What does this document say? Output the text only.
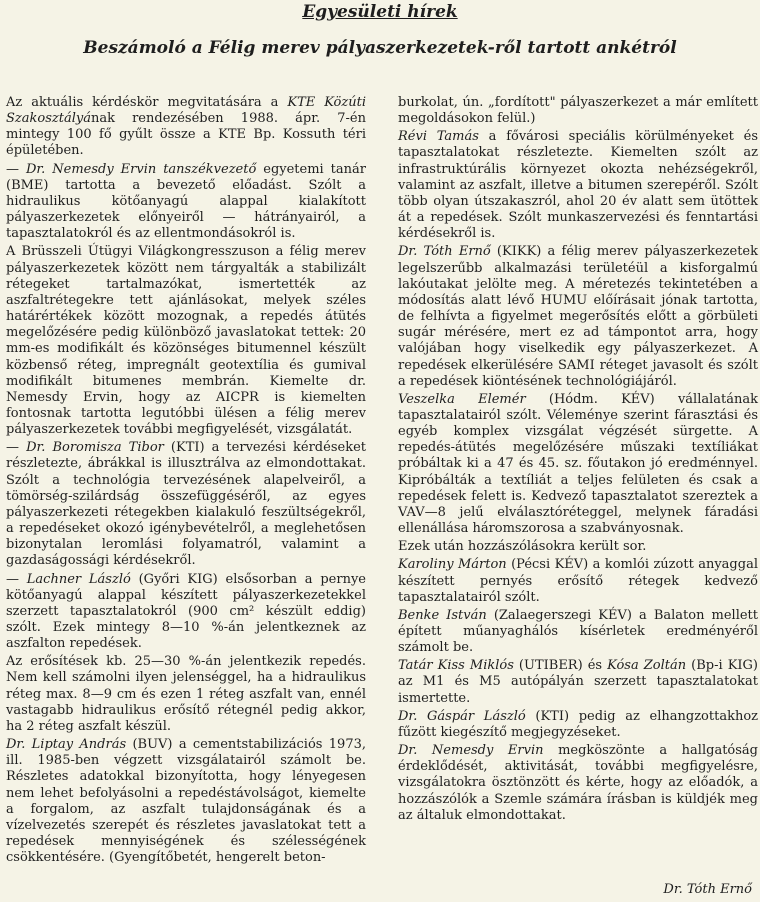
Egyesületi hírek
Beszámoló a Félig merev pályaszerkezetek-ről tartott ankétról

Az aktuális kérdéskör megvitatására a KTE Közúti Szakosztályának rendezésében 1988. ápr. 7-én mintegy 100 fő gyűlt össze a KTE Bp. Kossuth téri épületében.

— Dr. Nemesdy Ervin tanszékvezető egyetemi tanár (BME) tartotta a bevezető előadást. Szólt a hidraulikus kötőanyagú alappal kialakított pályaszerkezetek előnyeiről — hátrányairól, a tapasztalatokról és az ellentmondásokról is.

A Brüsszeli Útügyi Világkongresszuson a félig merev pályaszerkezetek között nem tárgyalták a stabilizált rétegeket tartalmazókat, ismertették az aszfaltrétegekre tett ajánlásokat, melyek széles határértékek között mozognak, a repedés átütés megelőzésére pedig különböző javaslatokat tettek: 20 mm-es modifikált és közönséges bitumennel készült közbenső réteg, impregnált geotextília és gumival modifikált bitumenes membrán. Kiemelte dr. Nemesdy Ervin, hogy az AICPR is kiemelten fontosnak tartotta legutóbbi ülésen a félig merev pályaszerkezetek további megfigyelését, vizsgálatát.

— Dr. Boromisza Tibor (KTI) a tervezési kérdéseket részletezte, ábrákkal is illusztrálva az elmondottakat. Szólt a technológia tervezésének alapelveiről, a tömörség-szilárdság összefüggéséről, az egyes pályaszerkezeti rétegekben kialakuló feszültségekről, a repedéseket okozó igénybevételről, a meglehetősen bizonytalan leromlási folyamatról, valamint a gazdaságossági kérdésekről.

— Lachner László (Győri KIG) elsősorban a pernye kötőanyagú alappal készített pályaszerkezetekkel szerzett tapasztalatokról (900 cm² készült eddig) szólt. Ezek mintegy 8—10 %-án jelentkeznek az aszfalton repedések.

Az erősítések kb. 25—30 %-án jelentkezik repedés. Nem kell számolni ilyen jelenséggel, ha a hidraulikus réteg max. 8—9 cm és ezen 1 réteg aszfalt van, ennél vastagabb hidraulikus erősítő rétegnél pedig akkor, ha 2 réteg aszfalt készül.

Dr. Liptay András (BUV) a cementstabilizációs 1973, ill. 1985-ben végzett vizsgálatairól számolt be. Részletes adatokkal bizonyította, hogy lényegesen nem lehet befolyásolni a repedéstávolságot, kiemelte a forgalom, az aszfalt tulajdonságának és a vízelvezetés szerepét és részletes javaslatokat tett a repedések mennyiségének és szélességének csökkentésére. (Gyengítőbetét, hengerelt beton-

burkolat, ún. „fordított" pályaszerkezet a már említett megoldásokon felül.)

Révi Tamás a fővárosi speciális körülményeket és tapasztalatokat részletezte. Kiemelten szólt az infrastruktúrális környezet okozta nehézségekről, valamint az aszfalt, illetve a bitumen szerepéről. Szólt több olyan útszakaszról, ahol 20 év alatt sem ütöttek át a repedések. Szólt munkaszervezési és fenntartási kérdésekről is.

Dr. Tóth Ernő (KIKK) a félig merev pályaszerkezetek legelszerűbb alkalmazási területéül a kisforgalmú lakóutakat jelölte meg. A méretezés tekintetében a módosítás alatt lévő HUMU előírásait jónak tartotta, de felhívta a figyelmet megerősítés előtt a görbületi sugár mérésére, mert ez ad támpontot arra, hogy valójában hogy viselkedik egy pályaszerkezet. A repedések elkerülésére SAMI réteget javasolt és szólt a repedések kiöntésének technológiájáról.

Veszelka Elemér (Hódm. KÉV) vállalatának tapasztalatairól szólt. Véleménye szerint fárasztási és egyéb komplex vizsgálat végzését sürgette. A repedés-átütés megelőzésére műszaki textíliákat próbáltak ki a 47 és 45. sz. főutakon jó eredménnyel. Kipróbálták a textíliát a teljes felületen és csak a repedések felett is. Kedvező tapasztalatot szereztek a VAV—8 jelű elválasztóréteggel, melynek fáradási ellenállása háromszorosa a szabványosnak.

Ezek után hozzászólásokra került sor.

Karoliny Márton (Pécsi KÉV) a komlói zúzott anyaggal készített pernyés erősítő rétegek kedvező tapasztalatairól szólt.

Benke István (Zalaegerszegi KÉV) a Balaton mellett épített műanyaghálós kísérletek eredményéről számolt be.

Tatár Kiss Miklós (UTIBER) és Kósa Zoltán (Bp-i KIG) az M1 és M5 autópályán szerzett tapasztalatokat ismertette.

Dr. Gáspár László (KTI) pedig az elhangzottakhoz fűzött kiegészítő megjegyzéseket.

Dr. Nemesdy Ervin megköszönte a hallgatóság érdeklődését, aktivitását, további megfigyelésre, vizsgálatokra ösztönzött és kérte, hogy az előadók, a hozzászólók a Szemle számára írásban is küldjék meg az általuk elmondottakat.

Dr. Tóth Ernő
